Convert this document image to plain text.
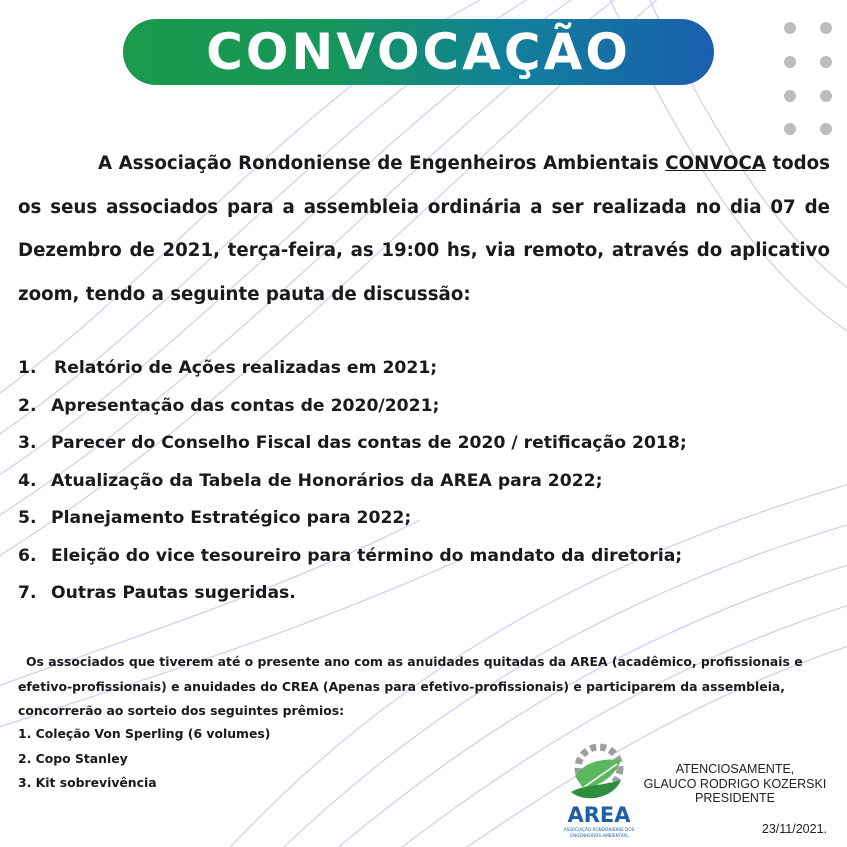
CONVOCAÇÃO

A Associação Rondoniense de Engenheiros Ambientais CONVOCA todos os seus associados para a assembleia ordinária a ser realizada no dia 07 de Dezembro de 2021, terça-feira, as 19:00 hs, via remoto, através do aplicativo zoom, tendo a seguinte pauta de discussão:

1.	Relatório de Ações realizadas em 2021;
2. Apresentação das contas de 2020/2021;
3. Parecer do Conselho Fiscal das contas de 2020 / retificação 2018;
4. Atualização da Tabela de Honorários da AREA para 2022;
5. Planejamento Estratégico para 2022;
6. Eleição do vice tesoureiro para término do mandato da diretoria;
7. Outras Pautas sugeridas.

Os associados que tiverem até o presente ano com as anuidades quitadas da AREA (acadêmico, profissionais e efetivo-profissionais) e anuidades do CREA (Apenas para efetivo-profissionais) e participarem da assembleia, concorrerão ao sorteio dos seguintes prêmios:

1. Coleção Von Sperling (6 volumes)
2. Copo Stanley
3. Kit sobrevivência
AREA
ASSOCIAÇÃO RONDONIENSE DOS
ENGENHEIROS AMBIENTAIS
ATENCIOSAMENTE,
GLAUCO RODRIGO KOZERSKI
PRESIDENTE
23/11/2021.
